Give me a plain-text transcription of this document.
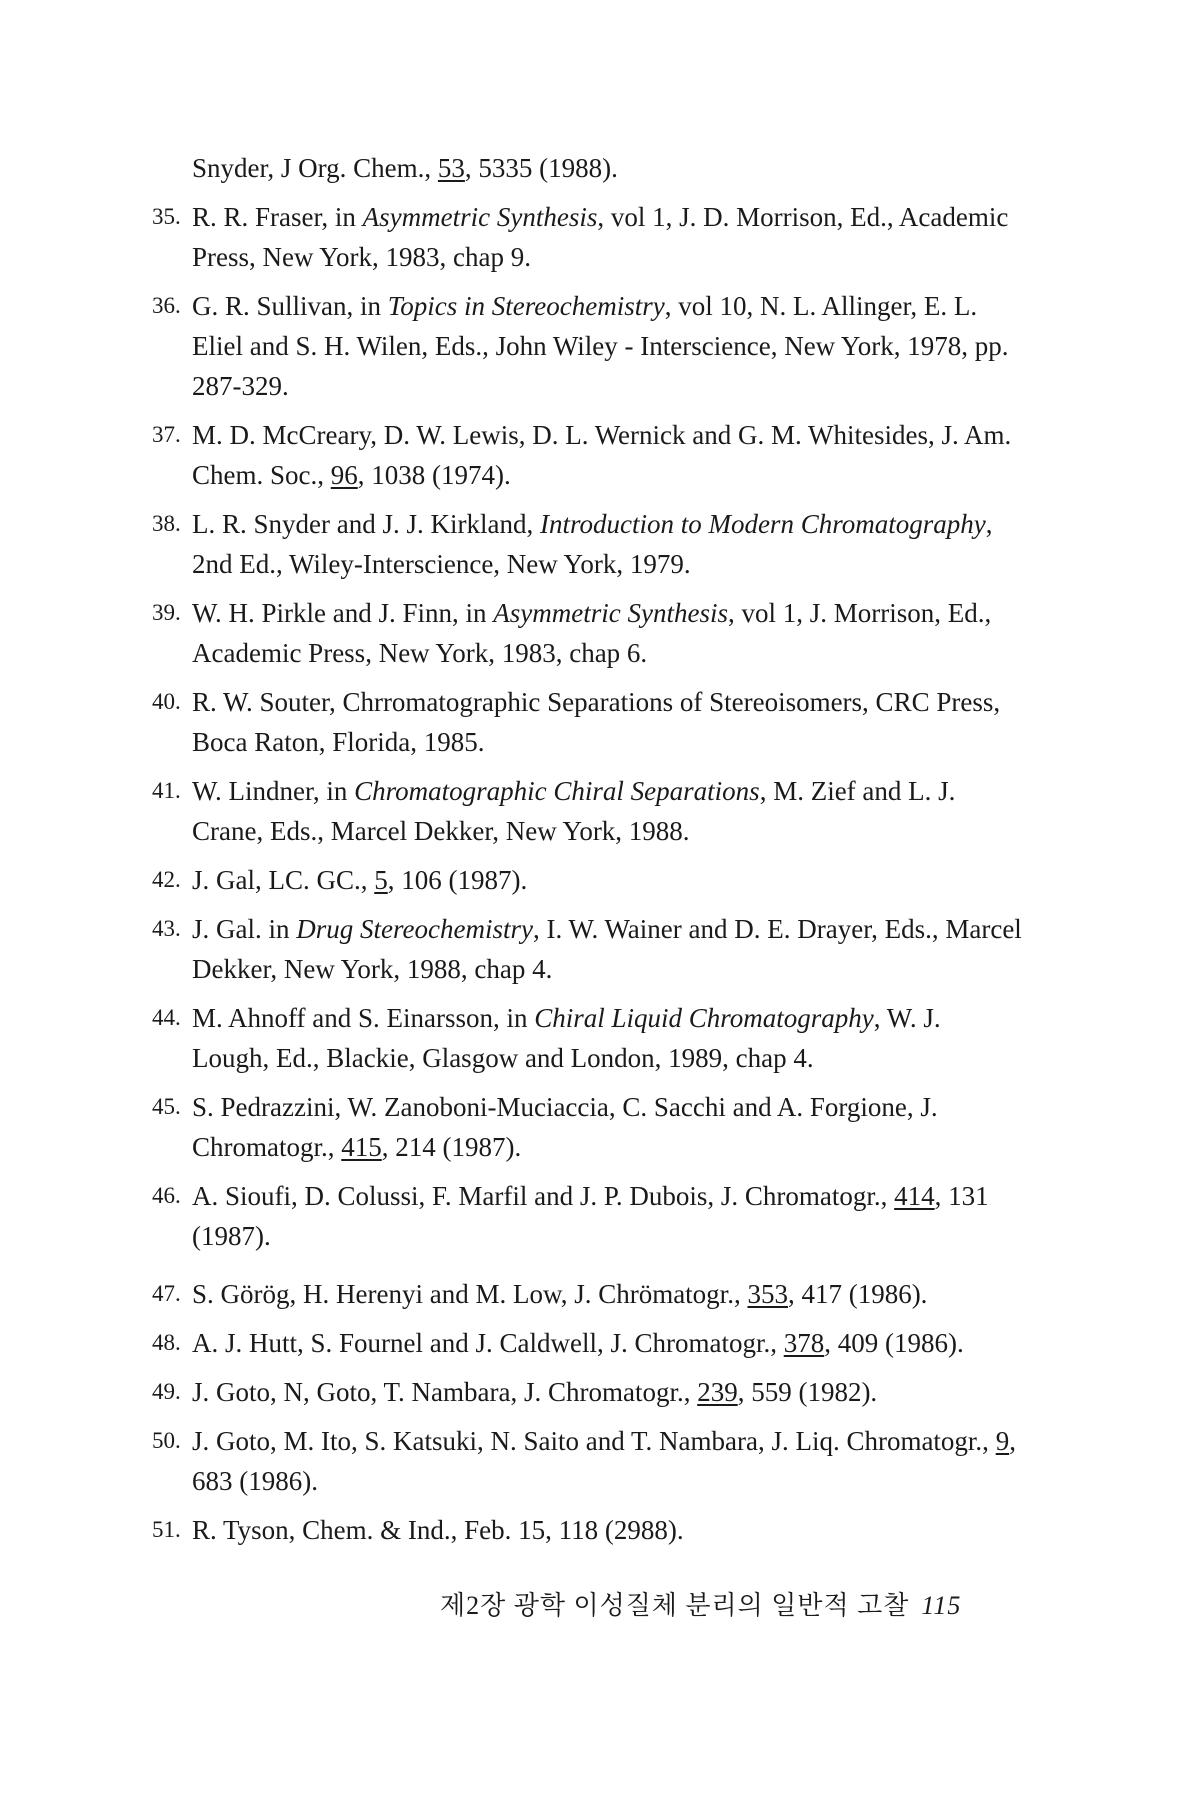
Snyder, J Org. Chem., 53, 5335 (1988).
35. R. R. Fraser, in Asymmetric Synthesis, vol 1, J. D. Morrison, Ed., Academic Press, New York, 1983, chap 9.
36. G. R. Sullivan, in Topics in Stereochemistry, vol 10, N. L. Allinger, E. L. Eliel and S. H. Wilen, Eds., John Wiley - Interscience, New York, 1978, pp. 287-329.
37. M. D. McCreary, D. W. Lewis, D. L. Wernick and G. M. Whitesides, J. Am. Chem. Soc., 96, 1038 (1974).
38. L. R. Snyder and J. J. Kirkland, Introduction to Modern Chromatography, 2nd Ed., Wiley-Interscience, New York, 1979.
39. W. H. Pirkle and J. Finn, in Asymmetric Synthesis, vol 1, J. Morrison, Ed., Academic Press, New York, 1983, chap 6.
40. R. W. Souter, Chrromatographic Separations of Stereoisomers, CRC Press, Boca Raton, Florida, 1985.
41. W. Lindner, in Chromatographic Chiral Separations, M. Zief and L. J. Crane, Eds., Marcel Dekker, New York, 1988.
42. J. Gal, LC. GC., 5, 106 (1987).
43. J. Gal. in Drug Stereochemistry, I. W. Wainer and D. E. Drayer, Eds., Marcel Dekker, New York, 1988, chap 4.
44. M. Ahnoff and S. Einarsson, in Chiral Liquid Chromatography, W. J. Lough, Ed., Blackie, Glasgow and London, 1989, chap 4.
45. S. Pedrazzini, W. Zanoboni-Muciaccia, C. Sacchi and A. Forgione, J. Chromatogr., 415, 214 (1987).
46. A. Sioufi, D. Colussi, F. Marfil and J. P. Dubois, J. Chromatogr., 414, 131 (1987).
47. S. Görög, H. Herenyi and M. Low, J. Chrömatogr., 353, 417 (1986).
48. A. J. Hutt, S. Fournel and J. Caldwell, J. Chromatogr., 378, 409 (1986).
49. J. Goto, N, Goto, T. Nambara, J. Chromatogr., 239, 559 (1982).
50. J. Goto, M. Ito, S. Katsuki, N. Saito and T. Nambara, J. Liq. Chromatogr., 9, 683 (1986).
51. R. Tyson, Chem. & Ind., Feb. 15, 118 (2988).
제2장 광학 이성질체 분리의 일반적 고찰 115
